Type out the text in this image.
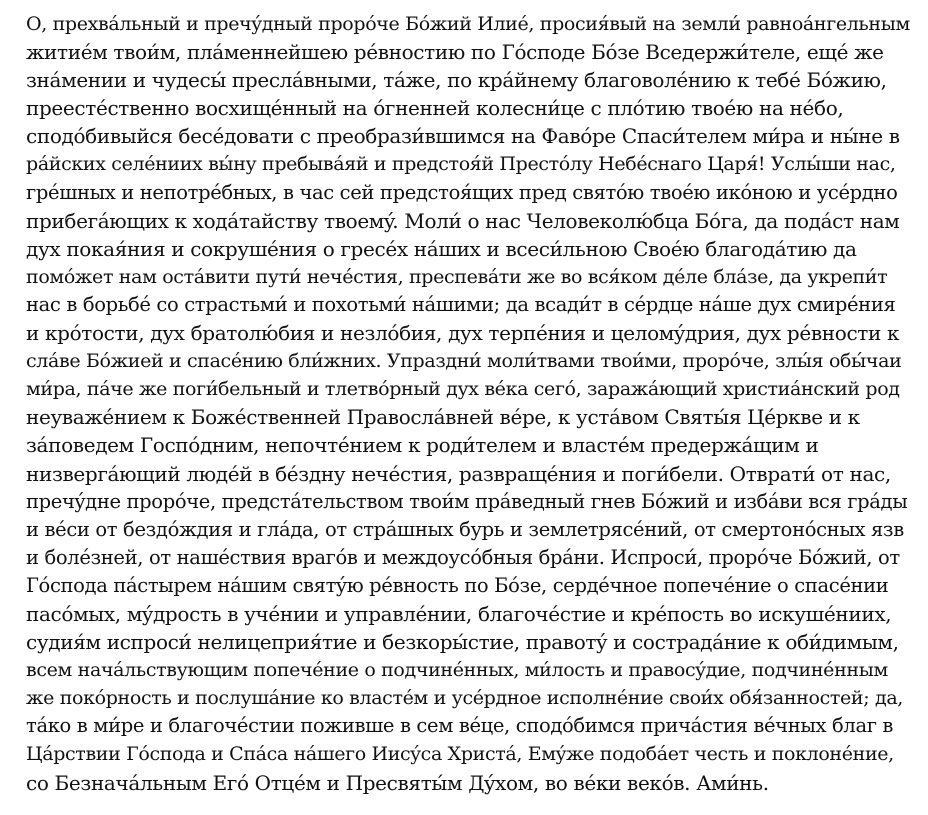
О, прехвáльный и пречýдный прорóче Бóжий Илиé, просия́вый на земли́ равноáнгельным
житиéм твои́м, плáменнейшею рéвностию по Гóсподе Бóзе Вседержи́теле, ещé же
знáмении и чудесы́ преслáвными, тáже, по крáйнему благоволéнию к тебé Бóжию,
преестéственно восхищéнный на óгненней колесни́це с плóтию твоéю на нéбо,
сподóбивыйся бесéдовати с преобрази́вшимся на Фавóре Спаси́телем ми́ра и ны́не в
рáйских селéниих вы́ну пребывáяй и предстоя́й Престóлу Небéснаго Царя́! Услы́ши нас,
грéшных и непотрéбных, в час сей предстоя́щих пред святóю твоéю икóною и усéрдно
прибегáющих к ходáтайству твоемý. Моли́ о нас Человеколю́бца Бóга, да подáст нам
дух покая́ния и сокрушéния о гресéх нáших и всеси́льною Своéю благодáтию да
помóжет нам остáвити пути́ нечéстия, преспевáти же во вся́ком дéле блáзе, да укрепи́т
нас в борьбé со страстьми́ и похотьми́ нáшими; да всади́т в сéрдце нáше дух смирéния
и крóтости, дух братолю́бия и незлóбия, дух терпéния и целомýдрия, дух рéвности к
слáве Бóжией и спасéнию бли́жних. Упраздни́ моли́твами твои́ми, прорóче, злы́я обы́чаи
ми́ра, пáче же поги́бельный и тлетвóрный дух вéка сегó, заражáющий христиáнский род
неуважéнием к Божéственней Правослáвней вéре, к устáвом Святы́я Цéркве и к
зáповедем Госпóдним, непочтéнием к роди́телем и властéм предержáщим и
низвергáющий людéй в бéздну нечéстия, развращéния и поги́бели. Отврати́ от нас,
пречýдне прорóче, предстáтельством твои́м прáведный гнев Бóжий и избáви вся грáды
и вéси от бездóждия и глáда, от стрáшных бурь и землетрясéний, от смертонóсных язв
и болéзней, от нашéствия врагóв и междоусóбныя брáни. Испроси́, прорóче Бóжий, от
Гóспода пáстырем нáшим святýю рéвность по Бóзе, сердéчное попечéние о спасéнии
пасóмых, мýдрость в учéнии и управлéнии, благочéстие и крéпость во искушéниих,
судия́м испроси́ нелицеприя́тие и безкоры́стие, правотý и сострадáние к оби́димым,
всем начáльствующим попечéние о подчинéнных, ми́лость и правосýдие, подчинéнным
же покóрность и послушáние ко властéм и усéрдное исполнéние свои́х обя́занностей; да,
тáко в ми́ре и благочéстии поживше в сем вéце, сподóбимся причáстия вéчных благ в
Цáрствии Гóспода и Спáса нáшего Иисýса Христá, Емýже подобáет честь и поклонéние,
со Безначáльным Егó Отцéм и Пресвяты́м Дýхом, во вéки векóв. Ами́нь.
